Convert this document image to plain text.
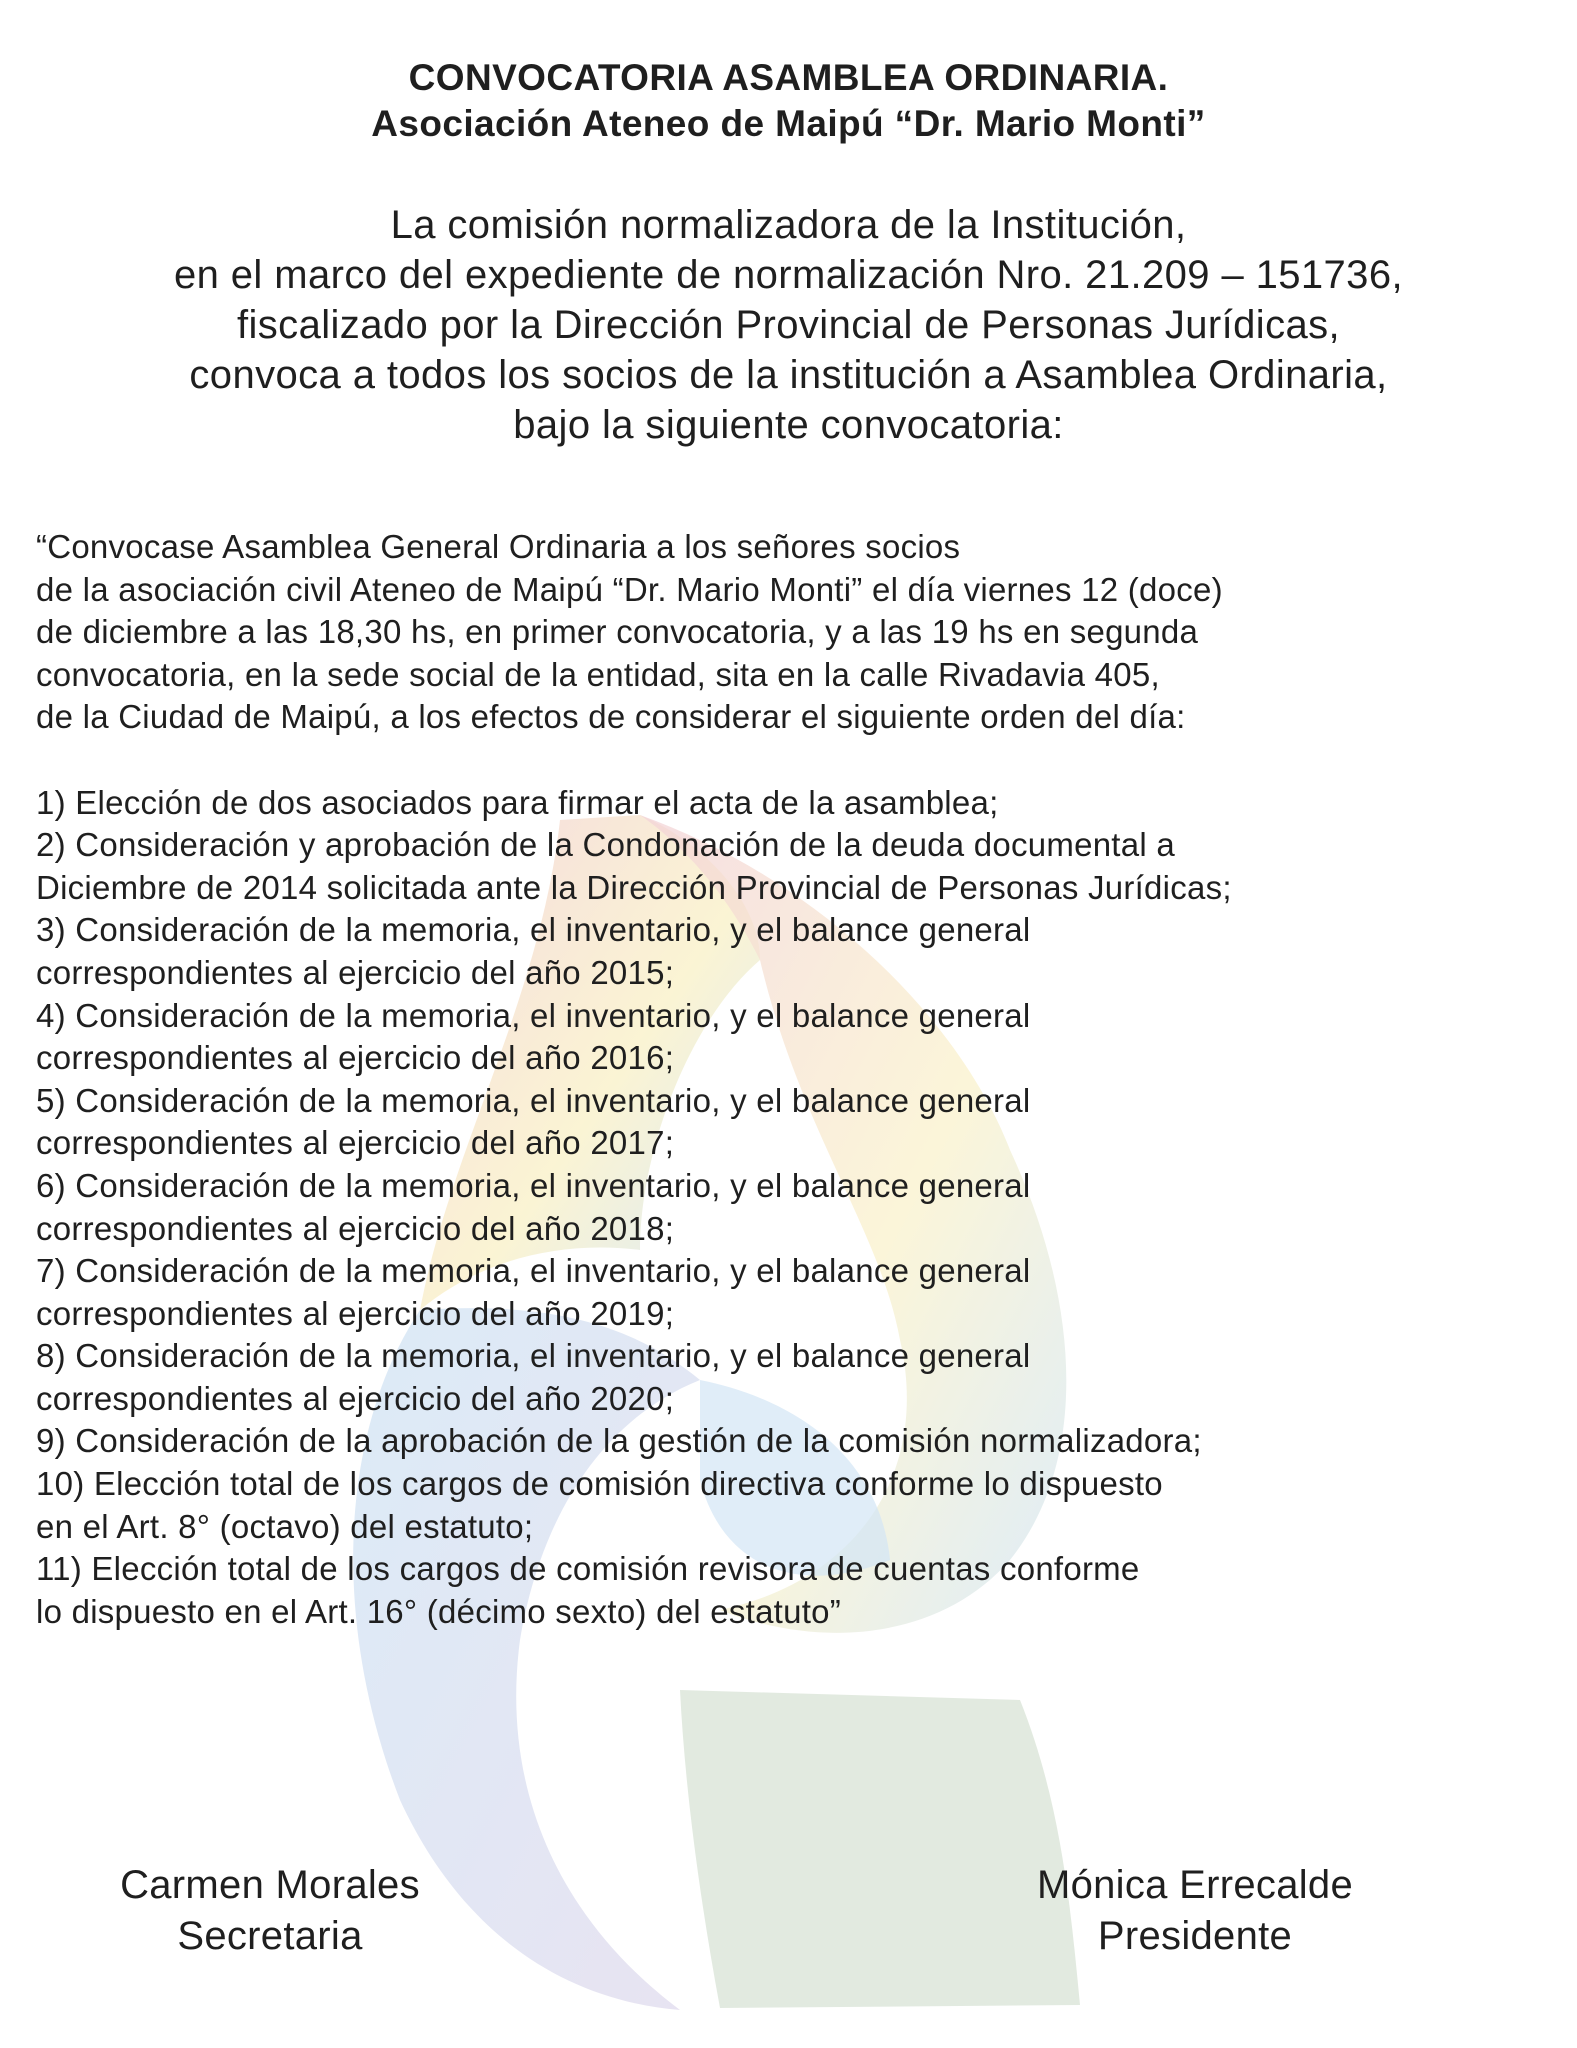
CONVOCATORIA ASAMBLEA ORDINARIA.
Asociación Ateneo de Maipú “Dr. Mario Monti”
La comisión normalizadora de la Institución,
en el marco del expediente de normalización Nro. 21.209 – 151736,
fiscalizado por la Dirección Provincial de Personas Jurídicas,
convoca a todos los socios de la institución a Asamblea Ordinaria,
bajo la siguiente convocatoria:
“Convocase Asamblea General Ordinaria a los señores socios
de la asociación civil Ateneo de Maipú “Dr. Mario Monti” el día viernes 12 (doce)
de diciembre a las 18,30 hs, en primer convocatoria, y a las 19 hs en segunda
convocatoria, en la sede social de la entidad, sita en la calle Rivadavia 405,
de la Ciudad de Maipú, a los efectos de considerar el siguiente orden del día:
1) Elección de dos asociados para firmar el acta de la asamblea;
2) Consideración y aprobación de la Condonación de la deuda documental a
Diciembre de 2014 solicitada ante la Dirección Provincial de Personas Jurídicas;
3) Consideración de la memoria, el inventario, y el balance general
correspondientes al ejercicio del año 2015;
4) Consideración de la memoria, el inventario, y el balance general
correspondientes al ejercicio del año 2016;
5) Consideración de la memoria, el inventario, y el balance general
correspondientes al ejercicio del año 2017;
6) Consideración de la memoria, el inventario, y el balance general
correspondientes al ejercicio del año 2018;
7) Consideración de la memoria, el inventario, y el balance general
correspondientes al ejercicio del año 2019;
8) Consideración de la memoria, el inventario, y el balance general
correspondientes al ejercicio del año 2020;
9) Consideración de la aprobación de la gestión de la comisión normalizadora;
10) Elección total de los cargos de comisión directiva conforme lo dispuesto
en el Art. 8° (octavo) del estatuto;
11) Elección total de los cargos de comisión revisora de cuentas conforme
lo dispuesto en el Art. 16° (décimo sexto) del estatuto”
Carmen Morales
Secretaria
Mónica Errecalde
Presidente
